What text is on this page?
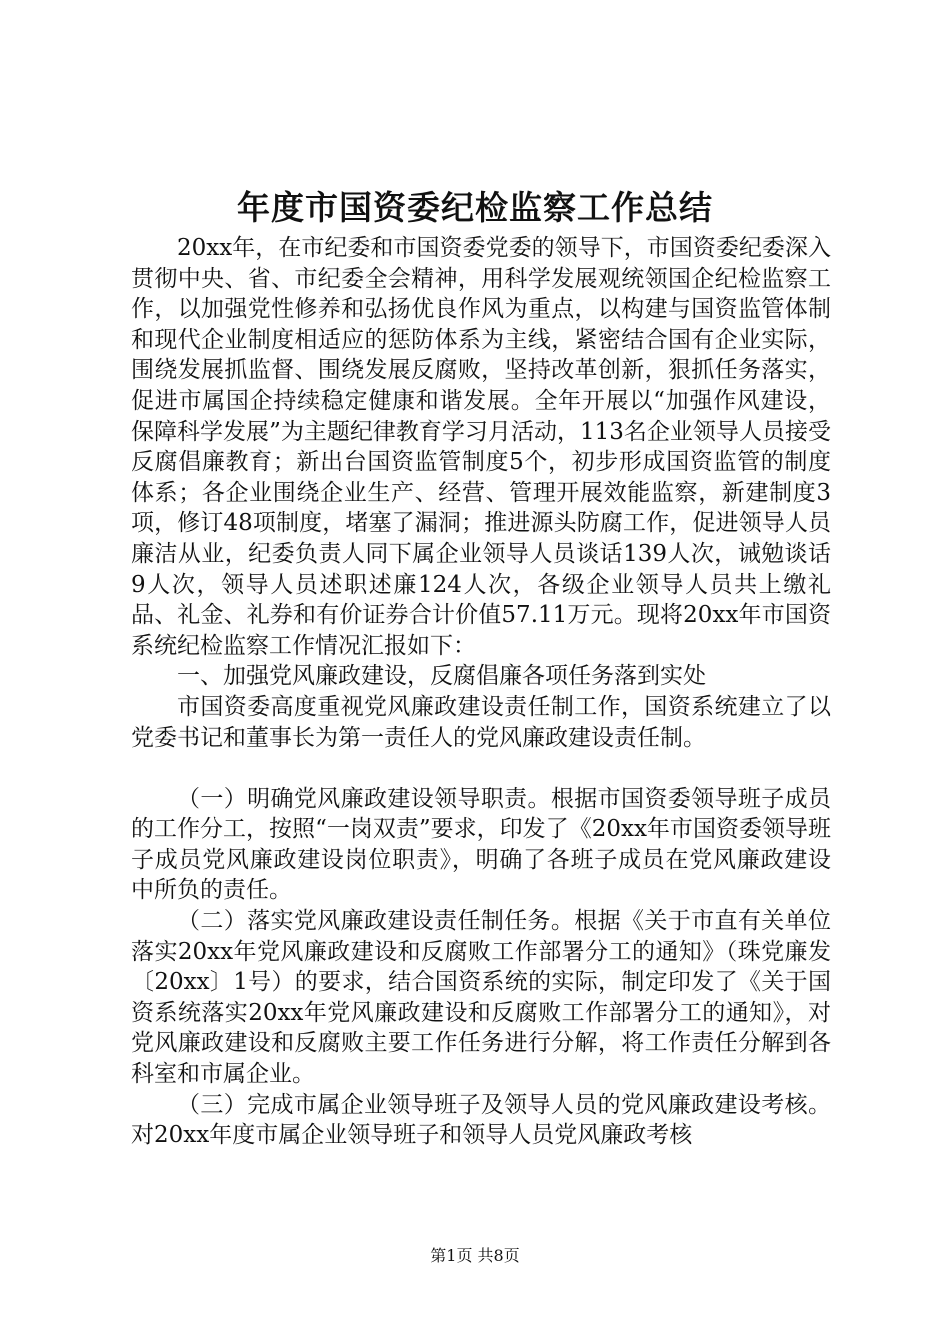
年度市国资委纪检监察工作总结

20xx年，在市纪委和市国资委党委的领导下，市国资委纪委深入贯彻中央、省、市纪委全会精神，用科学发展观统领国企纪检监察工作，以加强党性修养和弘扬优良作风为重点，以构建与国资监管体制和现代企业制度相适应的惩防体系为主线，紧密结合国有企业实际，围绕发展抓监督、围绕发展反腐败，坚持改革创新，狠抓任务落实，促进市属国企持续稳定健康和谐发展。全年开展以“加强作风建设，保障科学发展”为主题纪律教育学习月活动，113名企业领导人员接受反腐倡廉教育；新出台国资监管制度5个，初步形成国资监管的制度体系；各企业围绕企业生产、经营、管理开展效能监察，新建制度3项，修订48项制度，堵塞了漏洞；推进源头防腐工作，促进领导人员廉洁从业，纪委负责人同下属企业领导人员谈话139人次，诫勉谈话9人次，领导人员述职述廉124人次，各级企业领导人员共上缴礼品、礼金、礼券和有价证券合计价值57.11万元。现将20xx年市国资系统纪检监察工作情况汇报如下：

一、加强党风廉政建设，反腐倡廉各项任务落到实处

市国资委高度重视党风廉政建设责任制工作，国资系统建立了以党委书记和董事长为第一责任人的党风廉政建设责任制。

（一）明确党风廉政建设领导职责。根据市国资委领导班子成员的工作分工，按照“一岗双责”要求，印发了《20xx年市国资委领导班子成员党风廉政建设岗位职责》，明确了各班子成员在党风廉政建设中所负的责任。

（二）落实党风廉政建设责任制任务。根据《关于市直有关单位落实20xx年党风廉政建设和反腐败工作部署分工的通知》（珠党廉发〔20xx〕1号）的要求，结合国资系统的实际，制定印发了《关于国资系统落实20xx年党风廉政建设和反腐败工作部署分工的通知》，对党风廉政建设和反腐败主要工作任务进行分解，将工作责任分解到各科室和市属企业。

（三）完成市属企业领导班子及领导人员的党风廉政建设考核。对20xx年度市属企业领导班子和领导人员党风廉政考核

第1页 共8页
